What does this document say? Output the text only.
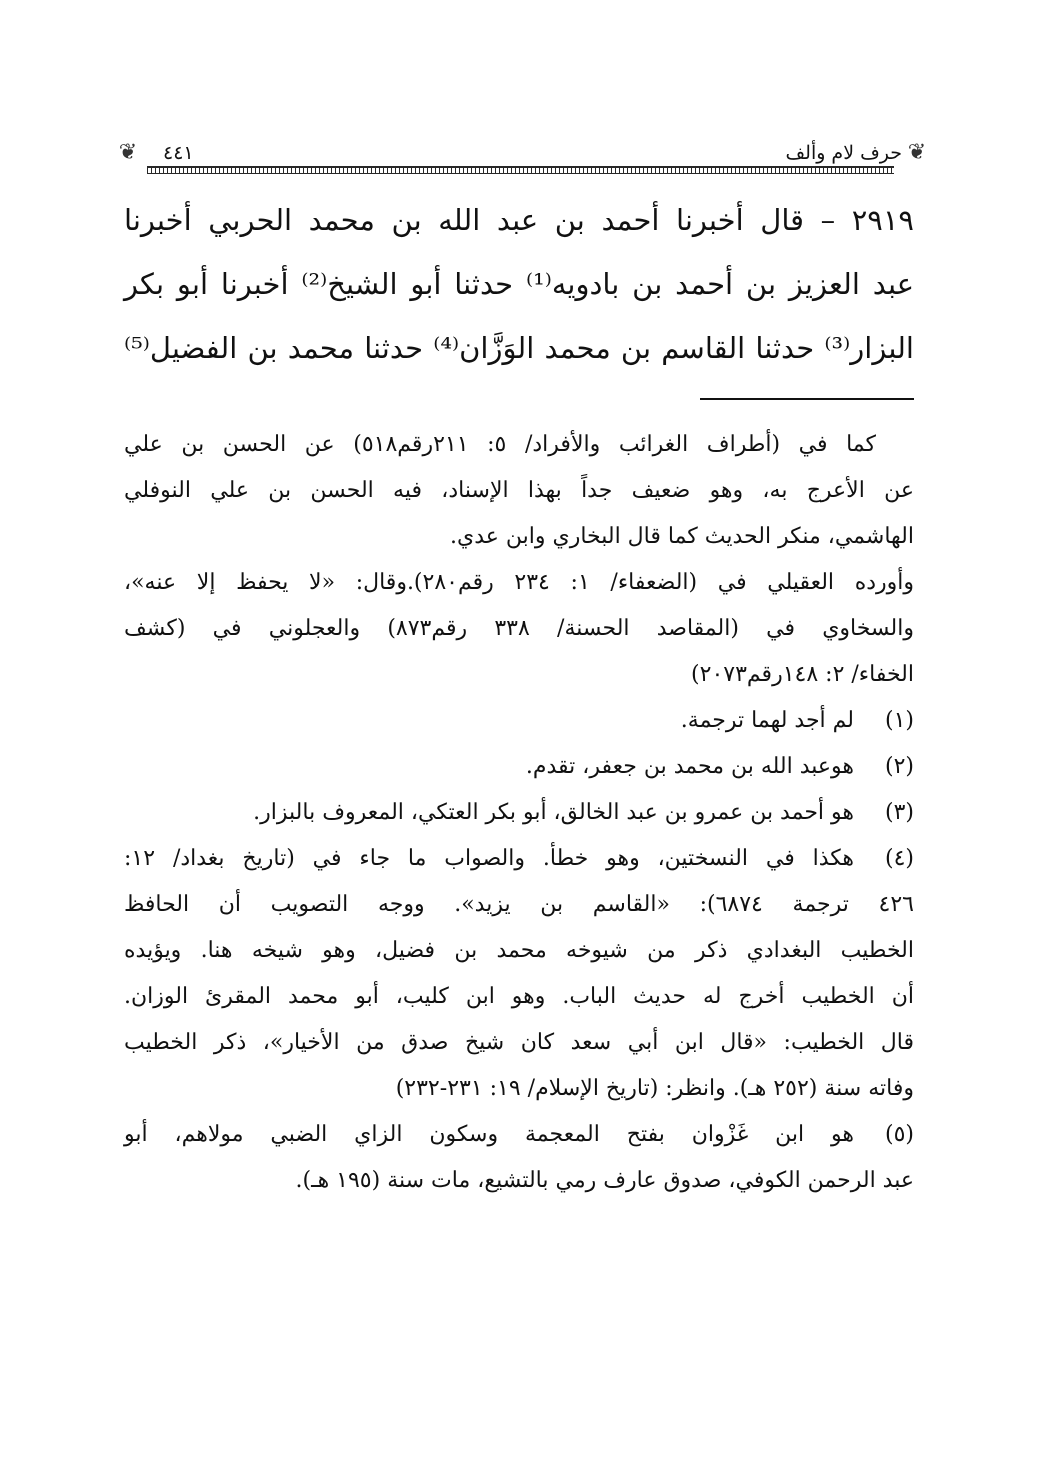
❦
حرف لام وألف
٤٤١
❦
٢٩١٩ – قال أخبرنا أحمد بن عبد الله بن محمد الحربي أخبرنا
عبد العزيز بن أحمد بن بادويه⁽¹⁾ حدثنا أبو الشيخ⁽²⁾ أخبرنا أبو بكر
البزار⁽³⁾ حدثنا القاسم بن محمد الوَزَّان⁽⁴⁾ حدثنا محمد بن الفضيل⁽⁵⁾
كما في (أطراف الغرائب والأفراد/ ٥: ٢١١رقم٥١٨) عن الحسن بن علي
عن الأعرج به، وهو ضعيف جداً بهذا الإسناد، فيه الحسن بن علي النوفلي
الهاشمي، منكر الحديث كما قال البخاري وابن عدي.
وأورده العقيلي في (الضعفاء/ ١: ٢٣٤ رقم٢٨٠).وقال: «لا يحفظ إلا عنه»،
والسخاوي في (المقاصد الحسنة/ ٣٣٨ رقم٨٧٣) والعجلوني في (كشف
الخفاء/ ٢: ١٤٨رقم٢٠٧٣)
(١)
لم أجد لهما ترجمة.
(٢)
هوعبد الله بن محمد بن جعفر، تقدم.
(٣)
هو أحمد بن عمرو بن عبد الخالق، أبو بكر العتكي، المعروف بالبزار.
(٤)
هكذا في النسختين، وهو خطأ. والصواب ما جاء في (تاريخ بغداد/ ١٢:
٤٢٦ ترجمة ٦٨٧٤): «القاسم بن يزيد». ووجه التصويب أن الحافظ
الخطيب البغدادي ذكر من شيوخه محمد بن فضيل، وهو شيخه هنا. ويؤيده
أن الخطيب أخرج له حديث الباب. وهو ابن كليب، أبو محمد المقرئ الوزان.
قال الخطيب: «قال ابن أبي سعد كان شيخ صدق من الأخيار»، ذكر الخطيب
وفاته سنة (٢٥٢ هـ). وانظر: (تاريخ الإسلام/ ١٩: ٢٣١-٢٣٢)
(٥)
هو ابن غَزْوان بفتح المعجمة وسكون الزاي الضبي مولاهم، أبو
عبد الرحمن الكوفي، صدوق عارف رمي بالتشيع، مات سنة (١٩٥ هـ).
